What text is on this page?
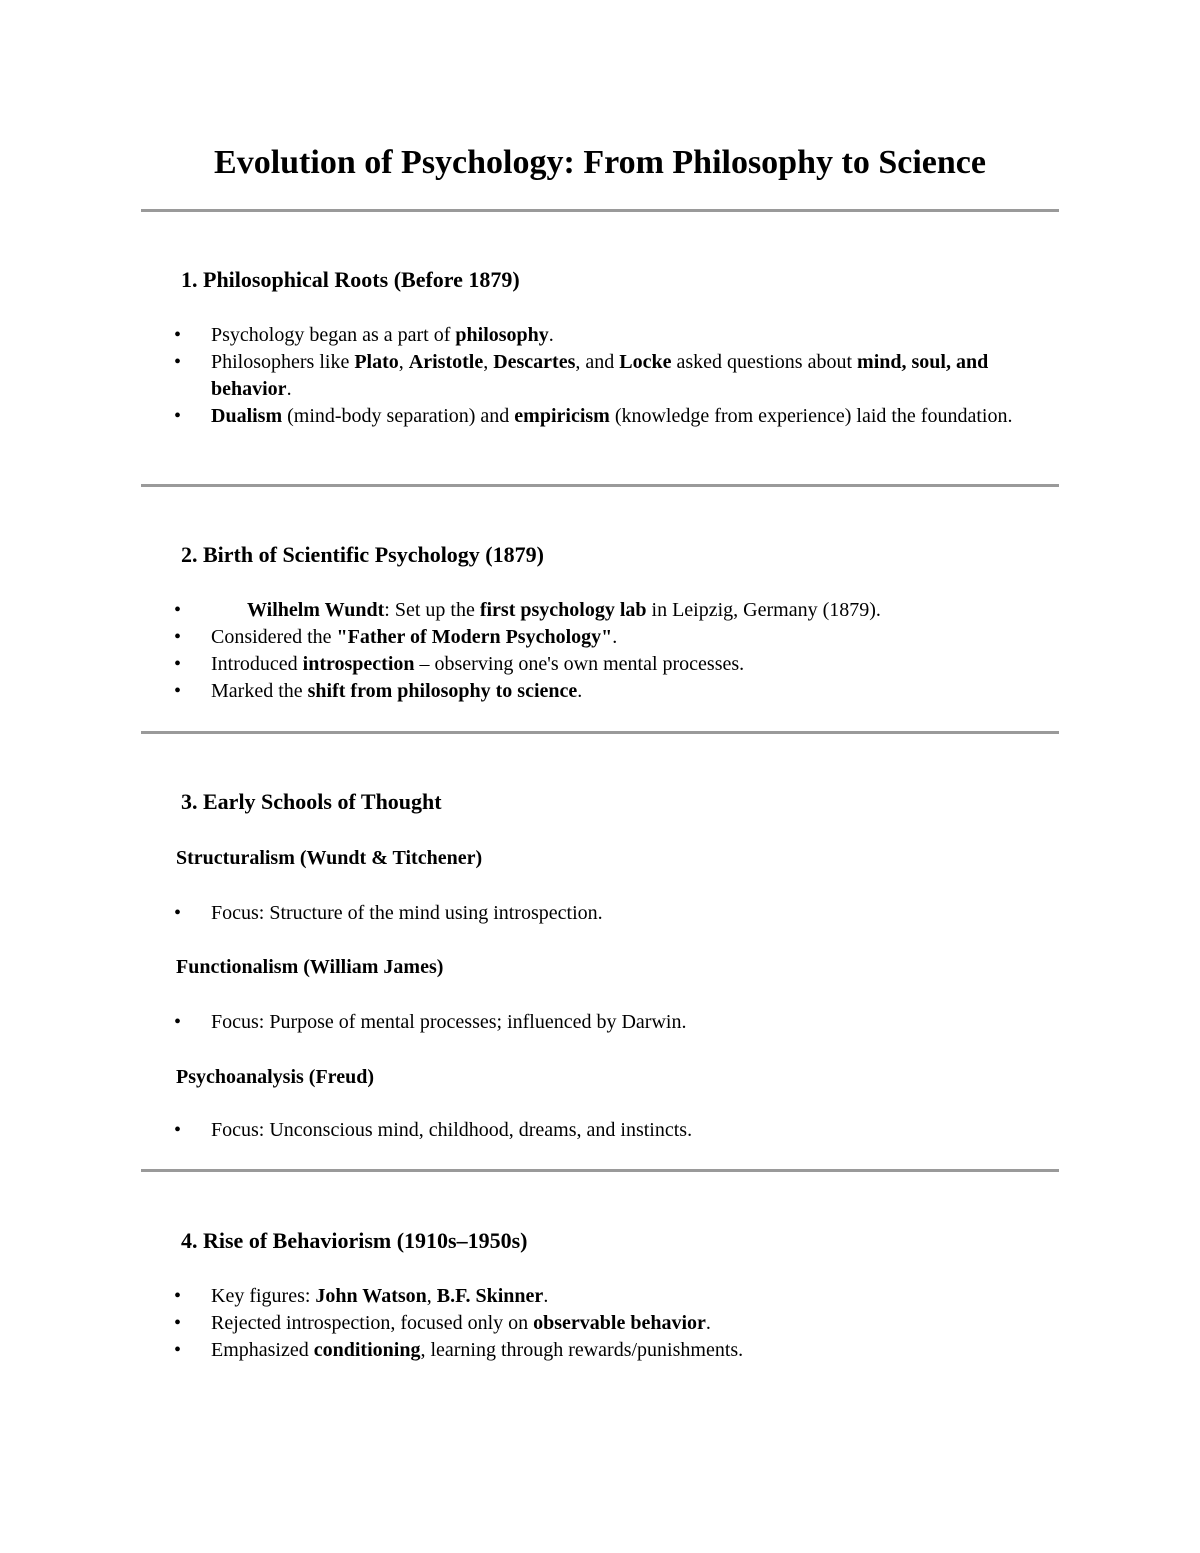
Evolution of Psychology: From Philosophy to Science
1. Philosophical Roots (Before 1879)
• Psychology began as a part of philosophy.
• Philosophers like Plato, Aristotle, Descartes, and Locke asked questions about mind, soul, and behavior.
• Dualism (mind-body separation) and empiricism (knowledge from experience) laid the foundation.
2. Birth of Scientific Psychology (1879)
• Wilhelm Wundt: Set up the first psychology lab in Leipzig, Germany (1879).
• Considered the "Father of Modern Psychology".
• Introduced introspection – observing one's own mental processes.
• Marked the shift from philosophy to science.
3. Early Schools of Thought
Structuralism (Wundt & Titchener)
• Focus: Structure of the mind using introspection.
Functionalism (William James)
• Focus: Purpose of mental processes; influenced by Darwin.
Psychoanalysis (Freud)
• Focus: Unconscious mind, childhood, dreams, and instincts.
4. Rise of Behaviorism (1910s–1950s)
• Key figures: John Watson, B.F. Skinner.
• Rejected introspection, focused only on observable behavior.
• Emphasized conditioning, learning through rewards/punishments.
